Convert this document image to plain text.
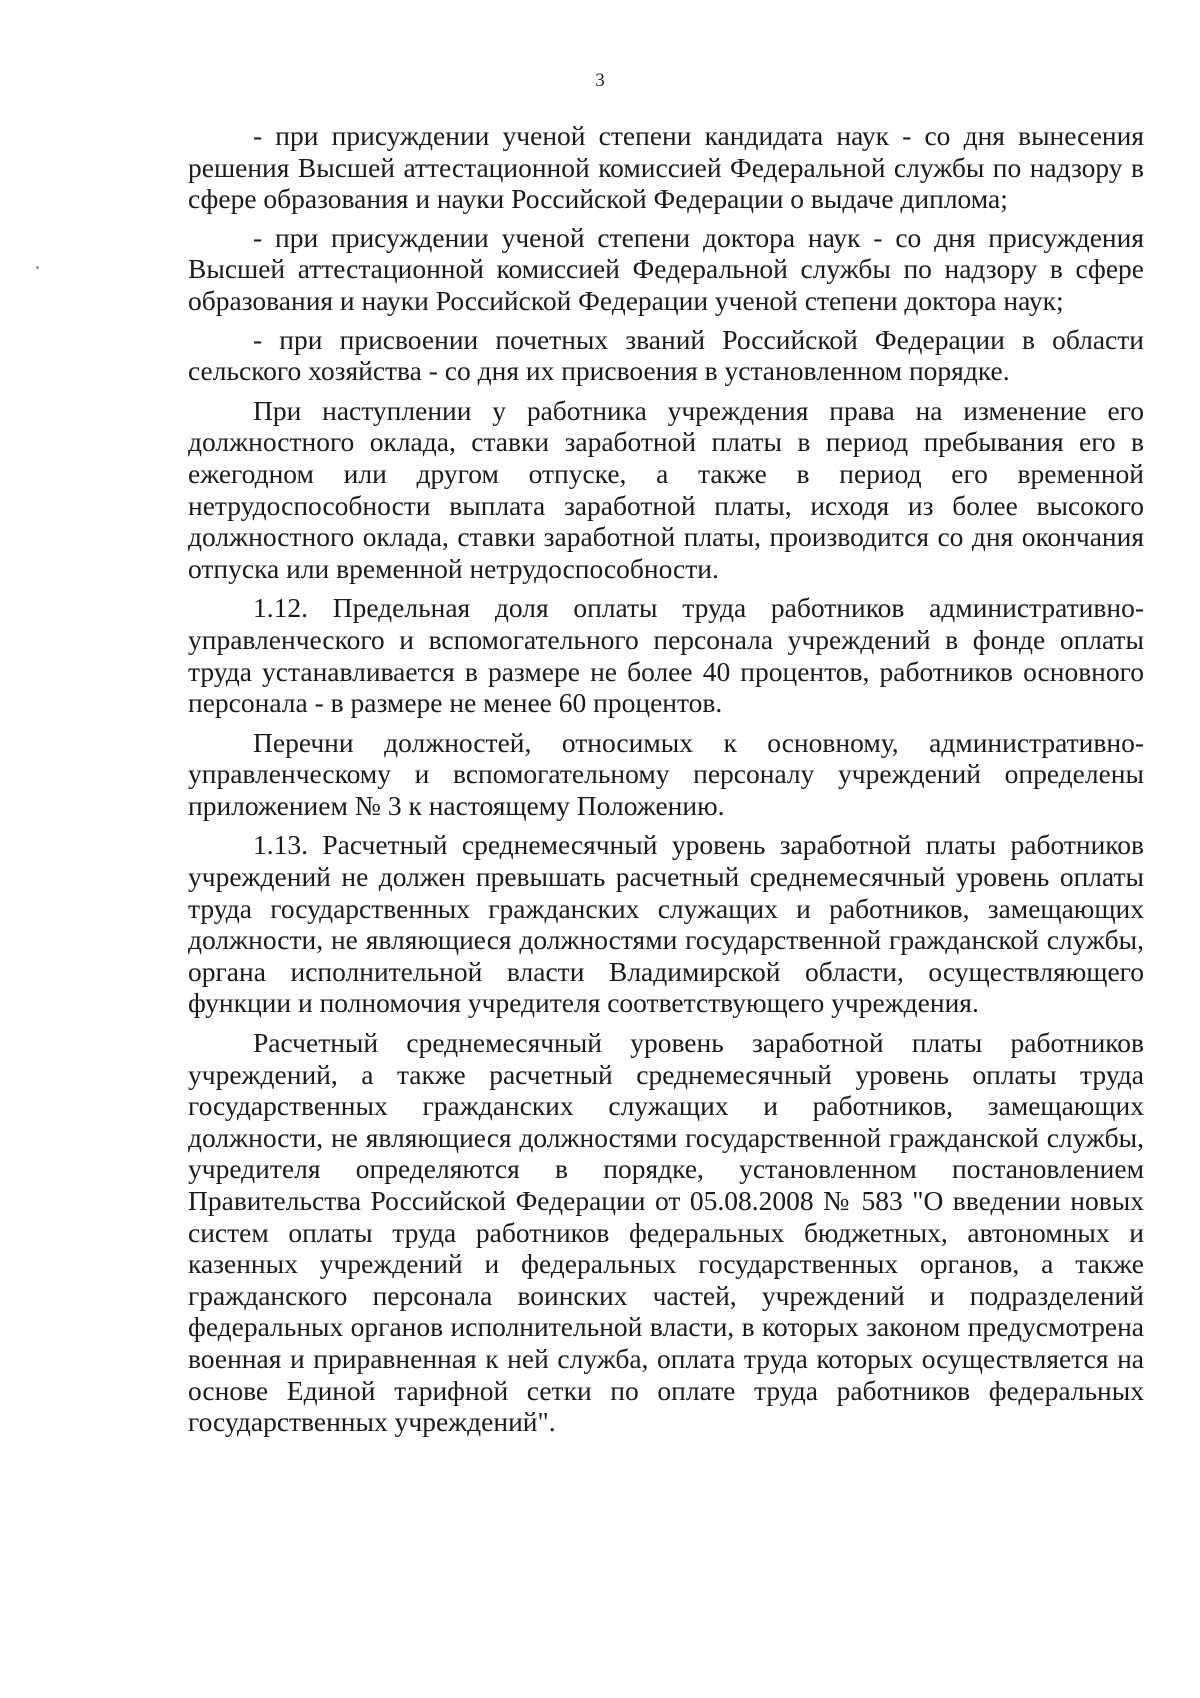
3

- при присуждении ученой степени кандидата наук - со дня вынесения решения Высшей аттестационной комиссией Федеральной службы по надзору в сфере образования и науки Российской Федерации о выдаче диплома;

- при присуждении ученой степени доктора наук - со дня присуждения Высшей аттестационной комиссией Федеральной службы по надзору в сфере образования и науки Российской Федерации ученой степени доктора наук;

- при присвоении почетных званий Российской Федерации в области сельского хозяйства - со дня их присвоения в установленном порядке.

При наступлении у работника учреждения права на изменение его должностного оклада, ставки заработной платы в период пребывания его в ежегодном или другом отпуске, а также в период его временной нетрудоспособности выплата заработной платы, исходя из более высокого должностного оклада, ставки заработной платы, производится со дня окончания отпуска или временной нетрудоспособности.

1.12. Предельная доля оплаты труда работников административно-управленческого и вспомогательного персонала учреждений в фонде оплаты труда устанавливается в размере не более 40 процентов, работников основного персонала - в размере не менее 60 процентов.

Перечни должностей, относимых к основному, административно-управленческому и вспомогательному персоналу учреждений определены приложением № 3 к настоящему Положению.

1.13. Расчетный среднемесячный уровень заработной платы работников учреждений не должен превышать расчетный среднемесячный уровень оплаты труда государственных гражданских служащих и работников, замещающих должности, не являющиеся должностями государственной гражданской службы, органа исполнительной власти Владимирской области, осуществляющего функции и полномочия учредителя соответствующего учреждения.

Расчетный среднемесячный уровень заработной платы работников учреждений, а также расчетный среднемесячный уровень оплаты труда государственных гражданских служащих и работников, замещающих должности, не являющиеся должностями государственной гражданской службы, учредителя определяются в порядке, установленном постановлением Правительства Российской Федерации от 05.08.2008 № 583 "О введении новых систем оплаты труда работников федеральных бюджетных, автономных и казенных учреждений и федеральных государственных органов, а также гражданского персонала воинских частей, учреждений и подразделений федеральных органов исполнительной власти, в которых законом предусмотрена военная и приравненная к ней служба, оплата труда которых осуществляется на основе Единой тарифной сетки по оплате труда работников федеральных государственных учреждений".
